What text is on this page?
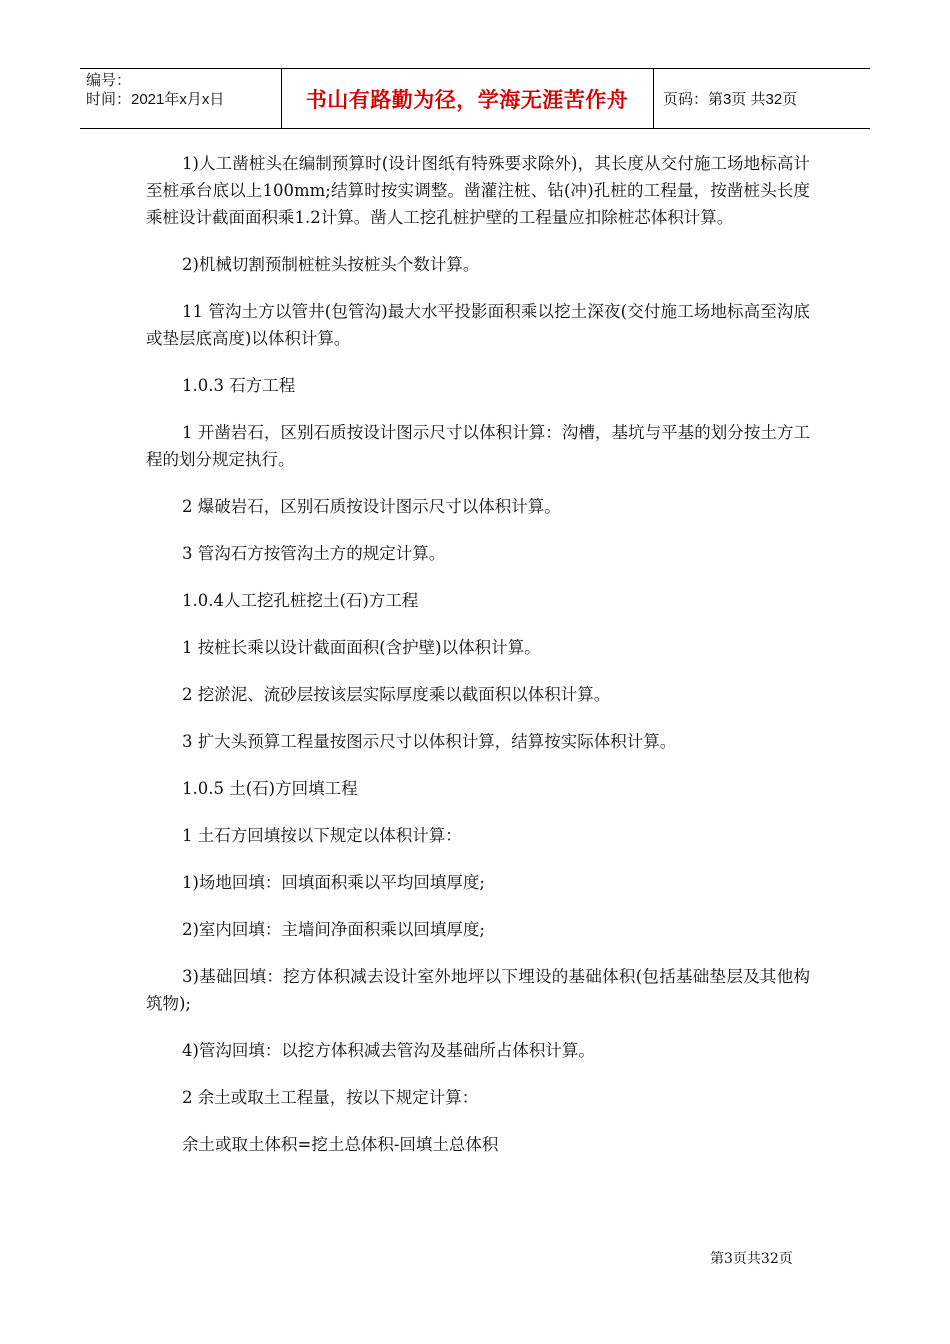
编号：
时间：2021年x月x日	书山有路勤为径，学海无涯苦作舟	页码：第3页 共32页

1)人工凿桩头在编制预算时(设计图纸有特殊要求除外)，其长度从交付施工场地标高计至桩承台底以上100mm;结算时按实调整。凿灌注桩、钻(冲)孔桩的工程量，按凿桩头长度乘桩设计截面面积乘1.2计算。凿人工挖孔桩护壁的工程量应扣除桩芯体积计算。

2)机械切割预制桩桩头按桩头个数计算。

11 管沟土方以管井(包管沟)最大水平投影面积乘以挖土深夜(交付施工场地标高至沟底或垫层底高度)以体积计算。

1.0.3 石方工程

1 开凿岩石，区别石质按设计图示尺寸以体积计算：沟槽，基坑与平基的划分按土方工程的划分规定执行。

2 爆破岩石，区别石质按设计图示尺寸以体积计算。

3 管沟石方按管沟土方的规定计算。

1.0.4人工挖孔桩挖土(石)方工程

1 按桩长乘以设计截面面积(含护壁)以体积计算。

2 挖淤泥、流砂层按该层实际厚度乘以截面积以体积计算。

3 扩大头预算工程量按图示尺寸以体积计算，结算按实际体积计算。

1.0.5 土(石)方回填工程

1 土石方回填按以下规定以体积计算：

1)场地回填：回填面积乘以平均回填厚度;

2)室内回填：主墙间净面积乘以回填厚度;

3)基础回填：挖方体积减去设计室外地坪以下埋设的基础体积(包括基础垫层及其他构筑物);

4)管沟回填：以挖方体积减去管沟及基础所占体积计算。

2 余土或取土工程量，按以下规定计算：

余土或取土体积=挖土总体积-回填土总体积

第3页共32页
